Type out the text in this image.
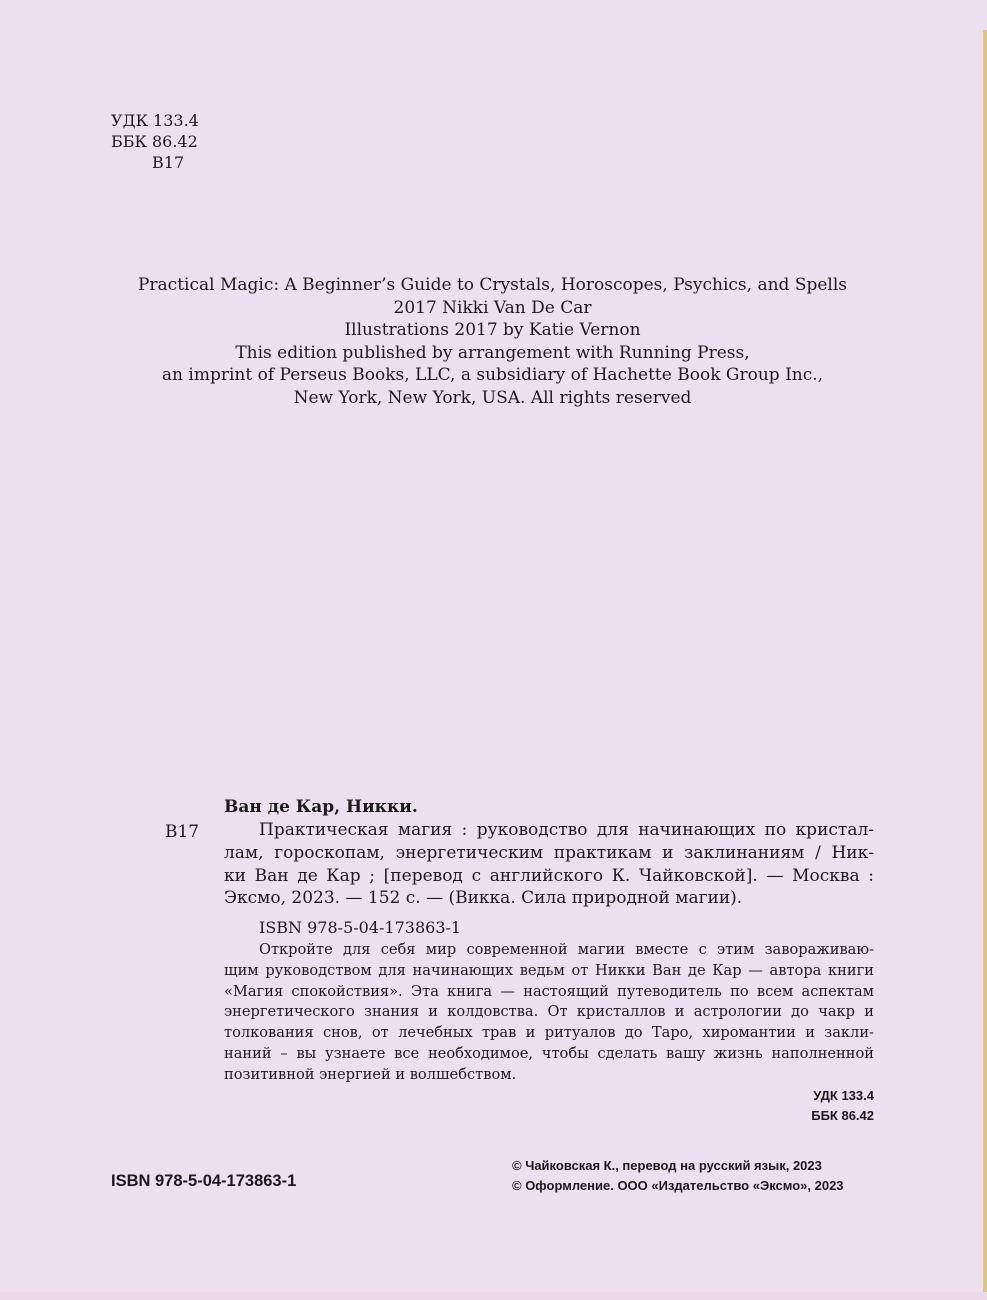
УДК 133.4
ББК 86.42
В17
Practical Magic: A Beginner’s Guide to Crystals, Horoscopes, Psychics, and Spells
2017 Nikki Van De Car
Illustrations 2017 by Katie Vernon
This edition published by arrangement with Running Press,
an imprint of Perseus Books, LLC, a subsidiary of Hachette Book Group Inc.,
New York, New York, USA. All rights reserved
Ван де Кар, Никки.
В17	Практическая магия : руководство для начинающих по кристал-
лам, гороскопам, энергетическим практикам и заклинаниям / Ник-
ки Ван де Кар ; [перевод с английского К. Чайковской]. — Москва :
Эксмо, 2023. — 152 с. — (Викка. Сила природной магии).
ISBN 978-5-04-173863-1
Откройте для себя мир современной магии вместе с этим завораживаю-
щим руководством для начинающих ведьм от Никки Ван де Кар — автора книги
«Магия спокойствия». Эта книга — настоящий путеводитель по всем аспектам
энергетического знания и колдовства. От кристаллов и астрологии до чакр и
толкования снов, от лечебных трав и ритуалов до Таро, хиромантии и закли-
наний – вы узнаете все необходимое, чтобы сделать вашу жизнь наполненной
позитивной энергией и волшебством.
УДК 133.4
ББК 86.42
ISBN 978-5-04-173863-1
© Чайковская К., перевод на русский язык, 2023
© Оформление. ООО «Издательство «Эксмо», 2023
